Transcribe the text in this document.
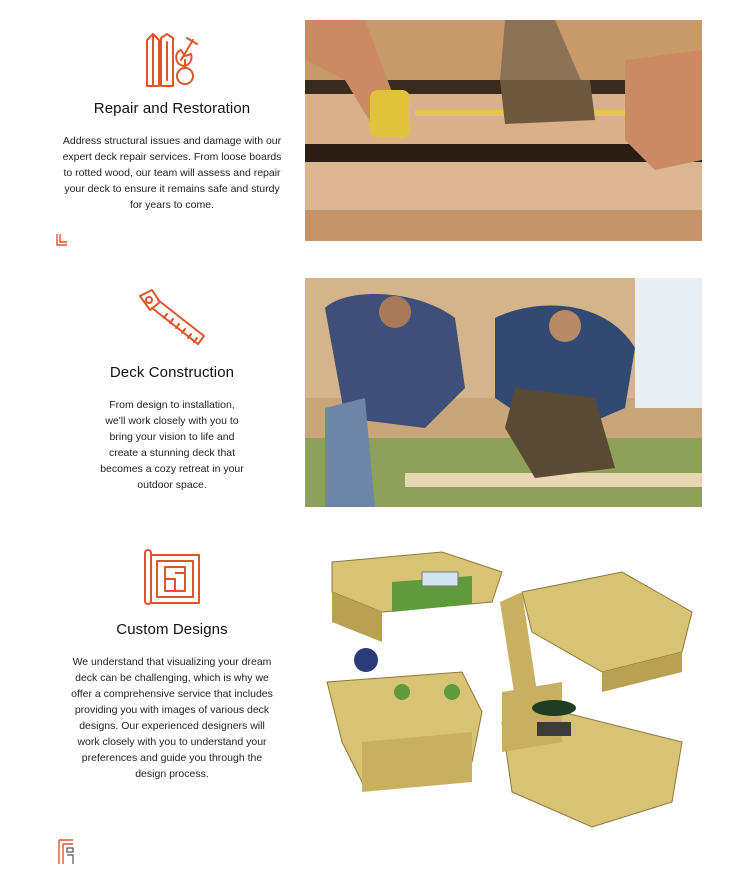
Repair and Restoration

Address structural issues and damage with our expert deck repair services. From loose boards to rotted wood, our team will assess and repair your deck to ensure it remains safe and sturdy for years to come.

Deck Construction

From design to installation, we'll work closely with you to bring your vision to life and create a stunning deck that becomes a cozy retreat in your outdoor space.

Custom Designs

We understand that visualizing your dream deck can be challenging, which is why we offer a comprehensive service that includes providing you with images of various deck designs. Our experienced designers will work closely with you to understand your preferences and guide you through the design process.
